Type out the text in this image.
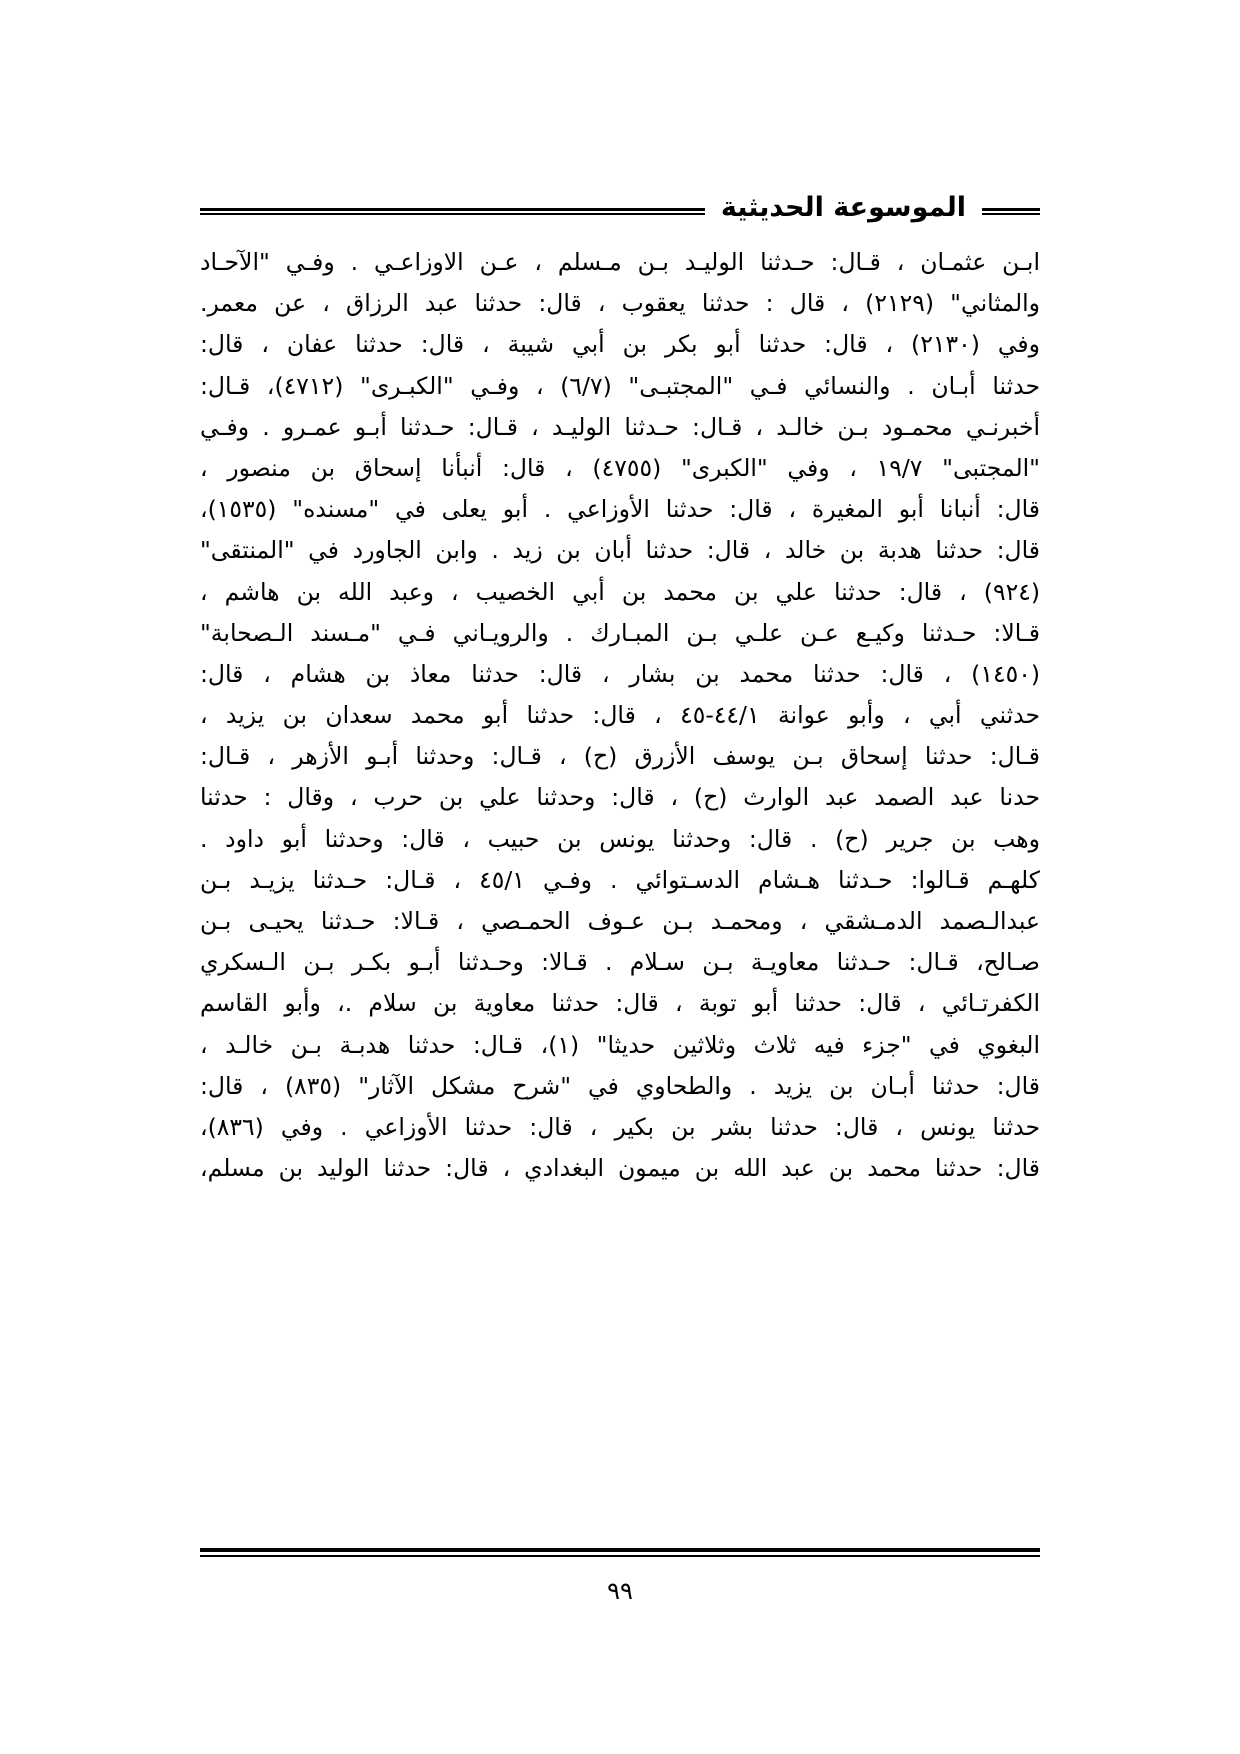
الموسوعة الحديثية
ابـن عثمـان ، قـال: حـدثنا الوليـد بـن مـسلم ، عـن الاوزاعـي . وفـي "الآحـاد
والمثاني" (٢١٢٩) ، قال : حدثنا يعقوب ، قال: حدثنا عبد الرزاق ، عن معمر.
وفي (٢١٣٠) ، قال: حدثنا أبو بكر بن أبي شيبة ، قال: حدثنا عفان ، قال:
حدثنا أبـان . والنسائي فـي "المجتبـى" (٦/٧) ، وفـي "الكبـرى" (٤٧١٢)، قـال:
أخبرنـي محمـود بـن خالـد ، قـال: حـدثنا الوليـد ، قـال: حـدثنا أبـو عمـرو . وفـي
"المجتبى" ١٩/٧ ، وفي "الكبرى" (٤٧٥٥) ، قال: أنبأنا إسحاق بن منصور ،
قال: أنبانا أبو المغيرة ، قال: حدثنا الأوزاعي . أبو يعلى في "مسنده" (١٥٣٥)،
قال: حدثنا هدبة بن خالد ، قال: حدثنا أبان بن زيد . وابن الجاورد في "المنتقى"
(٩٢٤) ، قال: حدثنا علي بن محمد بن أبي الخصيب ، وعبد الله بن هاشم ،
قـالا: حـدثنا وكيـع عـن علـي بـن المبـارك . والرويـاني فـي "مـسند الـصحابة"
(١٤٥٠) ، قال: حدثنا محمد بن بشار ، قال: حدثنا معاذ بن هشام ، قال:
حدثني أبي ، وأبو عوانة ٤٤/١-٤٥ ، قال: حدثنا أبو محمد سعدان بن يزيد ،
قـال: حدثنا إسحاق بـن يوسف الأزرق (ح) ، قـال: وحدثنا أبـو الأزهر ، قـال:
حدنا عبد الصمد عبد الوارث (ح) ، قال: وحدثنا علي بن حرب ، وقال : حدثنا
وهب بن جرير (ح) . قال: وحدثنا يونس بن حبيب ، قال: وحدثنا أبو داود .
كلهـم قـالوا: حـدثنا هـشام الدسـتوائي . وفـي ٤٥/١ ، قـال: حـدثنا يزيـد بـن
عبدالـصمد الدمـشقي ، ومحمـد بـن عـوف الحمـصي ، قـالا: حـدثنا يحيـى بـن
صـالح، قـال: حـدثنا معاويـة بـن سـلام . قـالا: وحـدثنا أبـو بكـر بـن الـسكري
الكفرتـائي ، قال: حدثنا أبو توبة ، قال: حدثنا معاوية بن سلام .، وأبو القاسم
البغوي في "جزء فيه ثلاث وثلاثين حديثا" (١)، قـال: حدثنا هدبـة بـن خالـد ،
قال: حدثنا أبـان بن يزيد . والطحاوي في "شرح مشكل الآثار" (٨٣٥) ، قال:
حدثنا يونس ، قال: حدثنا بشر بن بكير ، قال: حدثنا الأوزاعي . وفي (٨٣٦)،
قال: حدثنا محمد بن عبد الله بن ميمون البغدادي ، قال: حدثنا الوليد بن مسلم،
٩٩
